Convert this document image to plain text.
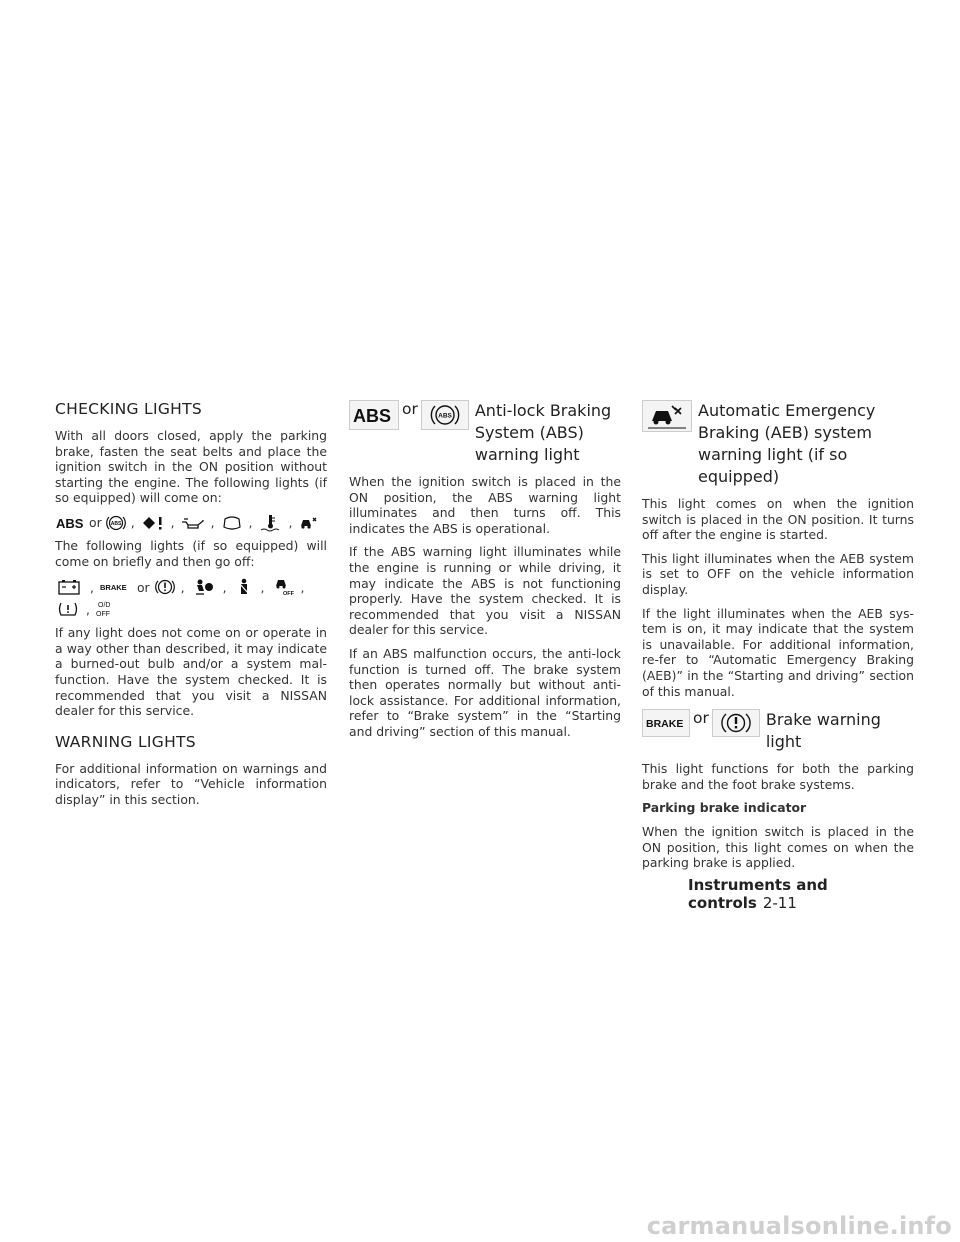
CHECKING LIGHTS

With all doors closed, apply the parking brake, fasten the seat belts and place the ignition switch in the ON position without starting the engine. The following lights (if so equipped) will come on:

ABS or ABS ,	,	,	,	,

The following lights (if so equipped) will come on briefly and then go off:

, BRAKE or	,	,	,	OFF ,
, O/D
OFF

If any light does not come on or operate in a way other than described, it may indicate a burned-out bulb and/or a system mal-function. Have the system checked. It is recommended that you visit a NISSAN dealer for this service.

WARNING LIGHTS

For additional information on warnings and indicators, refer to “Vehicle information display” in this section.

ABS or	ABS	Anti-lock Braking System (ABS) warning light

When the ignition switch is placed in the ON position, the ABS warning light illuminates and then turns off. This indicates the ABS is operational.

If the ABS warning light illuminates while the engine is running or while driving, it may indicate the ABS is not functioning properly. Have the system checked. It is recommended that you visit a NISSAN dealer for this service.

If an ABS malfunction occurs, the anti-lock function is turned off. The brake system then operates normally but without anti-lock assistance. For additional information, refer to “Brake system” in the “Starting and driving” section of this manual.

Automatic Emergency Braking (AEB) system warning light (if so equipped)

This light comes on when the ignition switch is placed in the ON position. It turns off after the engine is started.

This light illuminates when the AEB system is set to OFF on the vehicle information display.

If the light illuminates when the AEB sys-tem is on, it may indicate that the system is unavailable. For additional information, re-fer to “Automatic Emergency Braking (AEB)” in the “Starting and driving” section of this manual.

BRAKE or	Brake warning light

This light functions for both the parking brake and the foot brake systems.

Parking brake indicator

When the ignition switch is placed in the ON position, this light comes on when the parking brake is applied.

Instruments and controls 2-11
carmanualsonline.info
